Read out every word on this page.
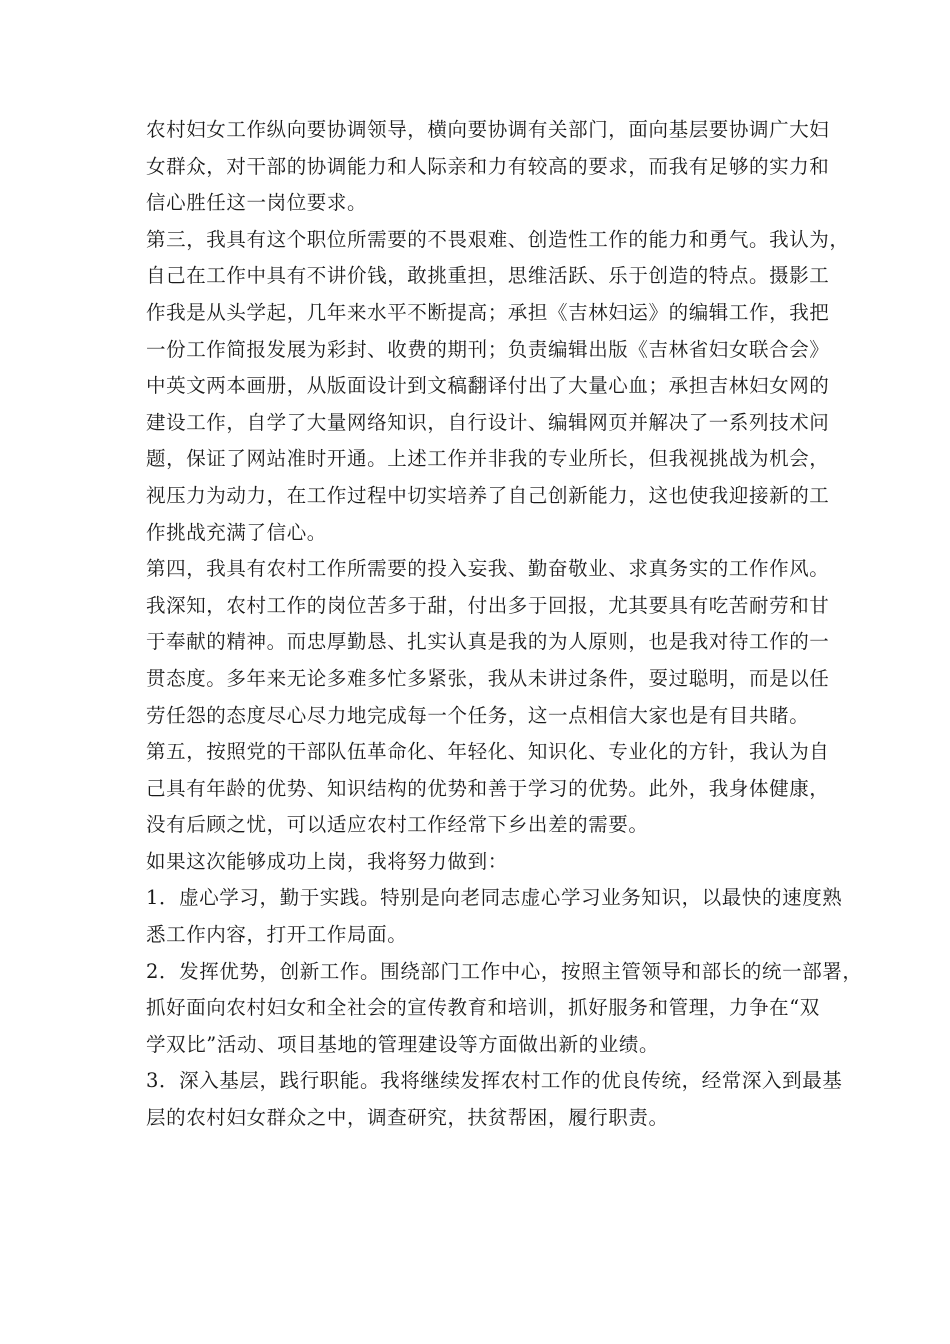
农村妇女工作纵向要协调领导，横向要协调有关部门，面向基层要协调广大妇
女群众，对干部的协调能力和人际亲和力有较高的要求，而我有足够的实力和
信心胜任这一岗位要求。
第三，我具有这个职位所需要的不畏艰难、创造性工作的能力和勇气。我认为，
自己在工作中具有不讲价钱，敢挑重担，思维活跃、乐于创造的特点。摄影工
作我是从头学起，几年来水平不断提高；承担《吉林妇运》的编辑工作，我把
一份工作简报发展为彩封、收费的期刊；负责编辑出版《吉林省妇女联合会》
中英文两本画册，从版面设计到文稿翻译付出了大量心血；承担吉林妇女网的
建设工作，自学了大量网络知识，自行设计、编辑网页并解决了一系列技术问
题，保证了网站准时开通。上述工作并非我的专业所长，但我视挑战为机会，
视压力为动力，在工作过程中切实培养了自己创新能力，这也使我迎接新的工
作挑战充满了信心。
第四，我具有农村工作所需要的投入妄我、勤奋敬业、求真务实的工作作风。
我深知，农村工作的岗位苦多于甜，付出多于回报，尤其要具有吃苦耐劳和甘
于奉献的精神。而忠厚勤恳、扎实认真是我的为人原则，也是我对待工作的一
贯态度。多年来无论多难多忙多紧张，我从未讲过条件，耍过聪明，而是以任
劳任怨的态度尽心尽力地完成每一个任务，这一点相信大家也是有目共睹。
第五，按照党的干部队伍革命化、年轻化、知识化、专业化的方针，我认为自
己具有年龄的优势、知识结构的优势和善于学习的优势。此外，我身体健康，
没有后顾之忧，可以适应农村工作经常下乡出差的需要。
如果这次能够成功上岗，我将努力做到：
1．虚心学习，勤于实践。特别是向老同志虚心学习业务知识，以最快的速度熟
悉工作内容，打开工作局面。
2．发挥优势，创新工作。围绕部门工作中心，按照主管领导和部长的统一部署，
抓好面向农村妇女和全社会的宣传教育和培训，抓好服务和管理，力争在“双
学双比”活动、项目基地的管理建设等方面做出新的业绩。
3．深入基层，践行职能。我将继续发挥农村工作的优良传统，经常深入到最基
层的农村妇女群众之中，调查研究，扶贫帮困，履行职责。
